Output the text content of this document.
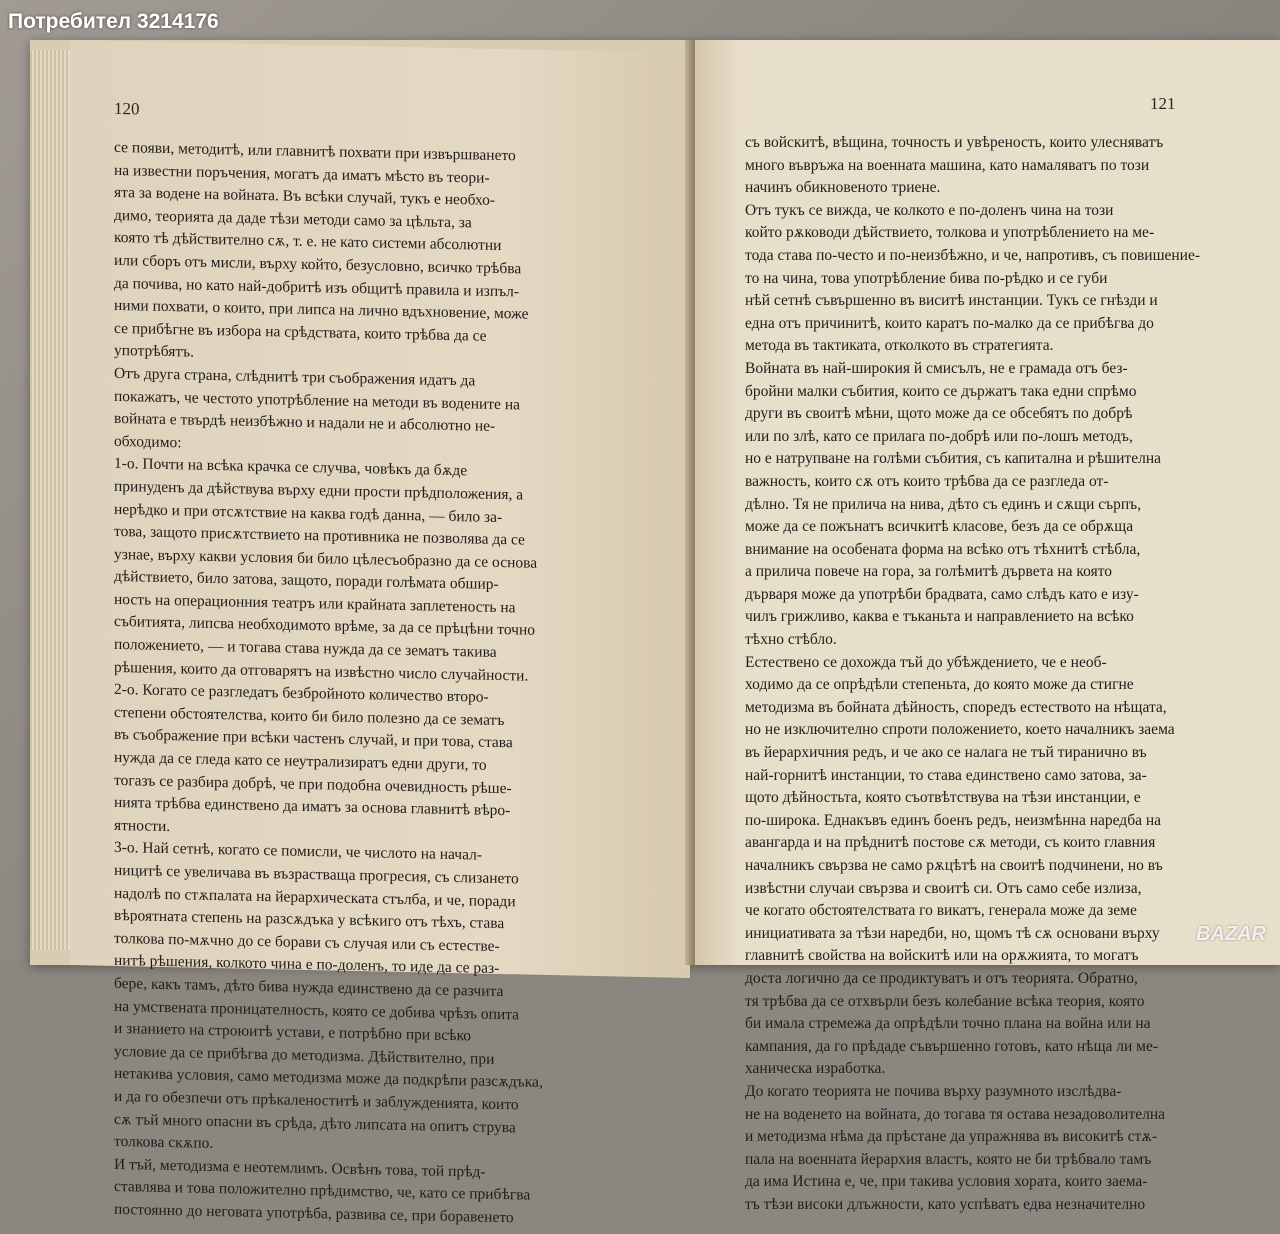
120
се появи, методитѣ, или главнитѣ похвати при извършването
на известни поръчения, могатъ да иматъ мѣсто въ теори-
ята за водене на войната. Въ всѣки случай, тукъ е необхо-
димо, теорията да даде тѣзи методи само за цѣльта, за
която тѣ дѣйствително сѫ, т. е. не като системи абсолютни
или сборъ отъ мисли, върху който, безусловно, всичко трѣбва
да почива, но като най-добритѣ изъ общитѣ правила и изпъл-
ними похвати, о които, при липса на лично вдъхновение, може
се прибѣгне въ избора на срѣдствата, които трѣбва да се
употрѣбятъ.
Отъ друга страна, слѣднитѣ три съображения идатъ да
покажатъ, че честото употрѣбление на методи въ водените на
войната е твърдѣ неизбѣжно и надали не и абсолютно не-
обходимо:
1-о. Почти на всѣка крачка се случва, човѣкъ да бѫде
принуденъ да дѣйствува върху едни прости прѣдположения, а
нерѣдко и при отсѫтствие на каква годѣ данна, — било за-
това, защото присѫтствието на противника не позволява да се
узнае, върху какви условия би било цѣлесъобразно да се основа
дѣйствието, било затова, защото, поради голѣмата обшир-
ность на операционния театръ или крайната заплетеность на
събитията, липсва необходимото врѣме, за да се прѣцѣни точно
положението, — и тогава става нужда да се зематъ такива
рѣшения, които да отговарятъ на извѣстно число случайности.
2-о. Когато се разгледатъ безбройното количество второ-
степени обстоятелства, които би било полезно да се зематъ
въ съображение при всѣки частенъ случай, и при това, става
нужда да се гледа като се неутрализиратъ едни други, то
тогазъ се разбира добрѣ, че при подобна очевидность рѣше-
нията трѣбва единствено да иматъ за основа главнитѣ вѣро-
ятности.
3-о. Най сетнѣ, когато се помисли, че числото на начал-
ницитѣ се увеличава въ възрастваща прогресия, съ слизането
надолѣ по стѫпалата на йерархическата стълба, и че, поради
вѣроятната степень на разсѫдъка у всѣкиго отъ тѣхъ, става
толкова по-мѫчно до се борави съ случая или съ естестве-
нитѣ рѣшения, колкото чина е по-доленъ, то иде да се раз-
бере, какъ тамъ, дѣто бива нужда единствено да се разчита
на умствената проницателность, която се добива чрѣзъ опита
и знанието на строюитѣ устави, е потрѣбно при всѣко
условие да се прибѣгва до методизма. Дѣйствително, при
нетакива условия, само методизма може да подкрѣпи разсѫдъка,
и да го обезпечи отъ прѣкаленоститѣ и заблужденията, които
сѫ тъй много опасни въ срѣда, дѣто липсата на опитъ струва
толкова скѫпо.
И тъй, методизма е неотемлимъ. Освѣнъ това, той прѣд-
ставлява и това положително прѣдимство, че, като се прибѣгва
постоянно до неговата употрѣба, развива се, при боравенето
121
съ войскитѣ, вѣщина, точность и увѣреность, които улесняватъ
много въвръжа на военната машина, като намаляватъ по този
начинъ обикновеното триене.
Отъ тукъ се вижда, че колкото е по-доленъ чина на този
който рѫководи дѣйствието, толкова и употрѣблението на ме-
тода става по-често и по-неизбѣжно, и че, напротивъ, съ повишение-
то на чина, това употрѣбление бива по-рѣдко и се губи
нѣй сетнѣ съвършенно въ виситѣ инстанции. Тукъ се гнѣзди и
една отъ причинитѣ, които каратъ по-малко да се прибѣгва до
метода въ тактиката, отколкото въ стратегията.
Войната въ най-широкия й смисълъ, не е грамада отъ без-
бройни малки събития, които се държатъ така едни спрѣмо
други въ своитѣ мѣни, щото може да се обсебятъ по добрѣ
или по злѣ, като се прилага по-добрѣ или по-лошъ методъ,
но е натрупване на голѣми събития, съ капитална и рѣшителна
важность, които сѫ отъ които трѣбва да се разгледа от-
дѣлно. Тя не прилича на нива, дѣто съ единъ и сѫщи сърпъ,
може да се пожънатъ всичкитѣ класове, безъ да се обрѫща
внимание на особената форма на всѣко отъ тѣхнитѣ стѣбла,
а прилича повече на гора, за голѣмитѣ дървета на която
дърваря може да употрѣби брадвата, само слѣдъ като е изу-
чилъ грижливо, каква е тъканьта и направлението на всѣко
тѣхно стѣбло.
Естествено се дохожда тъй до убѣждението, че е необ-
ходимо да се опрѣдѣли степеньта, до която може да стигне
методизма въ бойната дѣйность, споредъ естеството на нѣщата,
но не изключително спроти положението, което началникъ заема
въ йерархичния редъ, и че ако се налага не тъй тиранично въ
най-горнитѣ инстанции, то става единствено само затова, за-
щото дѣйностьта, която съотвѣтствува на тѣзи инстанции, е
по-широка. Еднакъвъ единъ боенъ редъ, неизмѣнна наредба на
авангарда и на прѣднитѣ постове сѫ методи, съ които главния
началникъ свързва не само рѫцѣтѣ на своитѣ подчинени, но въ
извѣстни случаи свързва и своитѣ си. Отъ само себе излиза,
че когато обстоятелствата го викатъ, генерала може да земе
инициативата за тѣзи наредби, но, щомъ тѣ сѫ основани върху
главнитѣ свойства на войскитѣ или на орѫжията, то могатъ
доста логично да се продиктуватъ и отъ теорията. Обратно,
тя трѣбва да се отхвърли безъ колебание всѣка теория, която
би имала стремежа да опрѣдѣли точно плана на война или на
кампания, да го прѣдаде съвършенно готовъ, като нѣща ли ме-
ханическа изработка.
До когато теорията не почива върху разумното изслѣдва-
не на воденето на войната, до тогава тя остава незадоволителна
и методизма нѣма да прѣстане да упражнява въ високитѣ стѫ-
пала на военната йерархия властъ, която не би трѣбвало тамъ
да има Истина е, че, при такива условия хората, които заема-
тъ тѣзи високи длъжности, като успѣватъ едва незначително
Потребител 3214176
BAZAR
